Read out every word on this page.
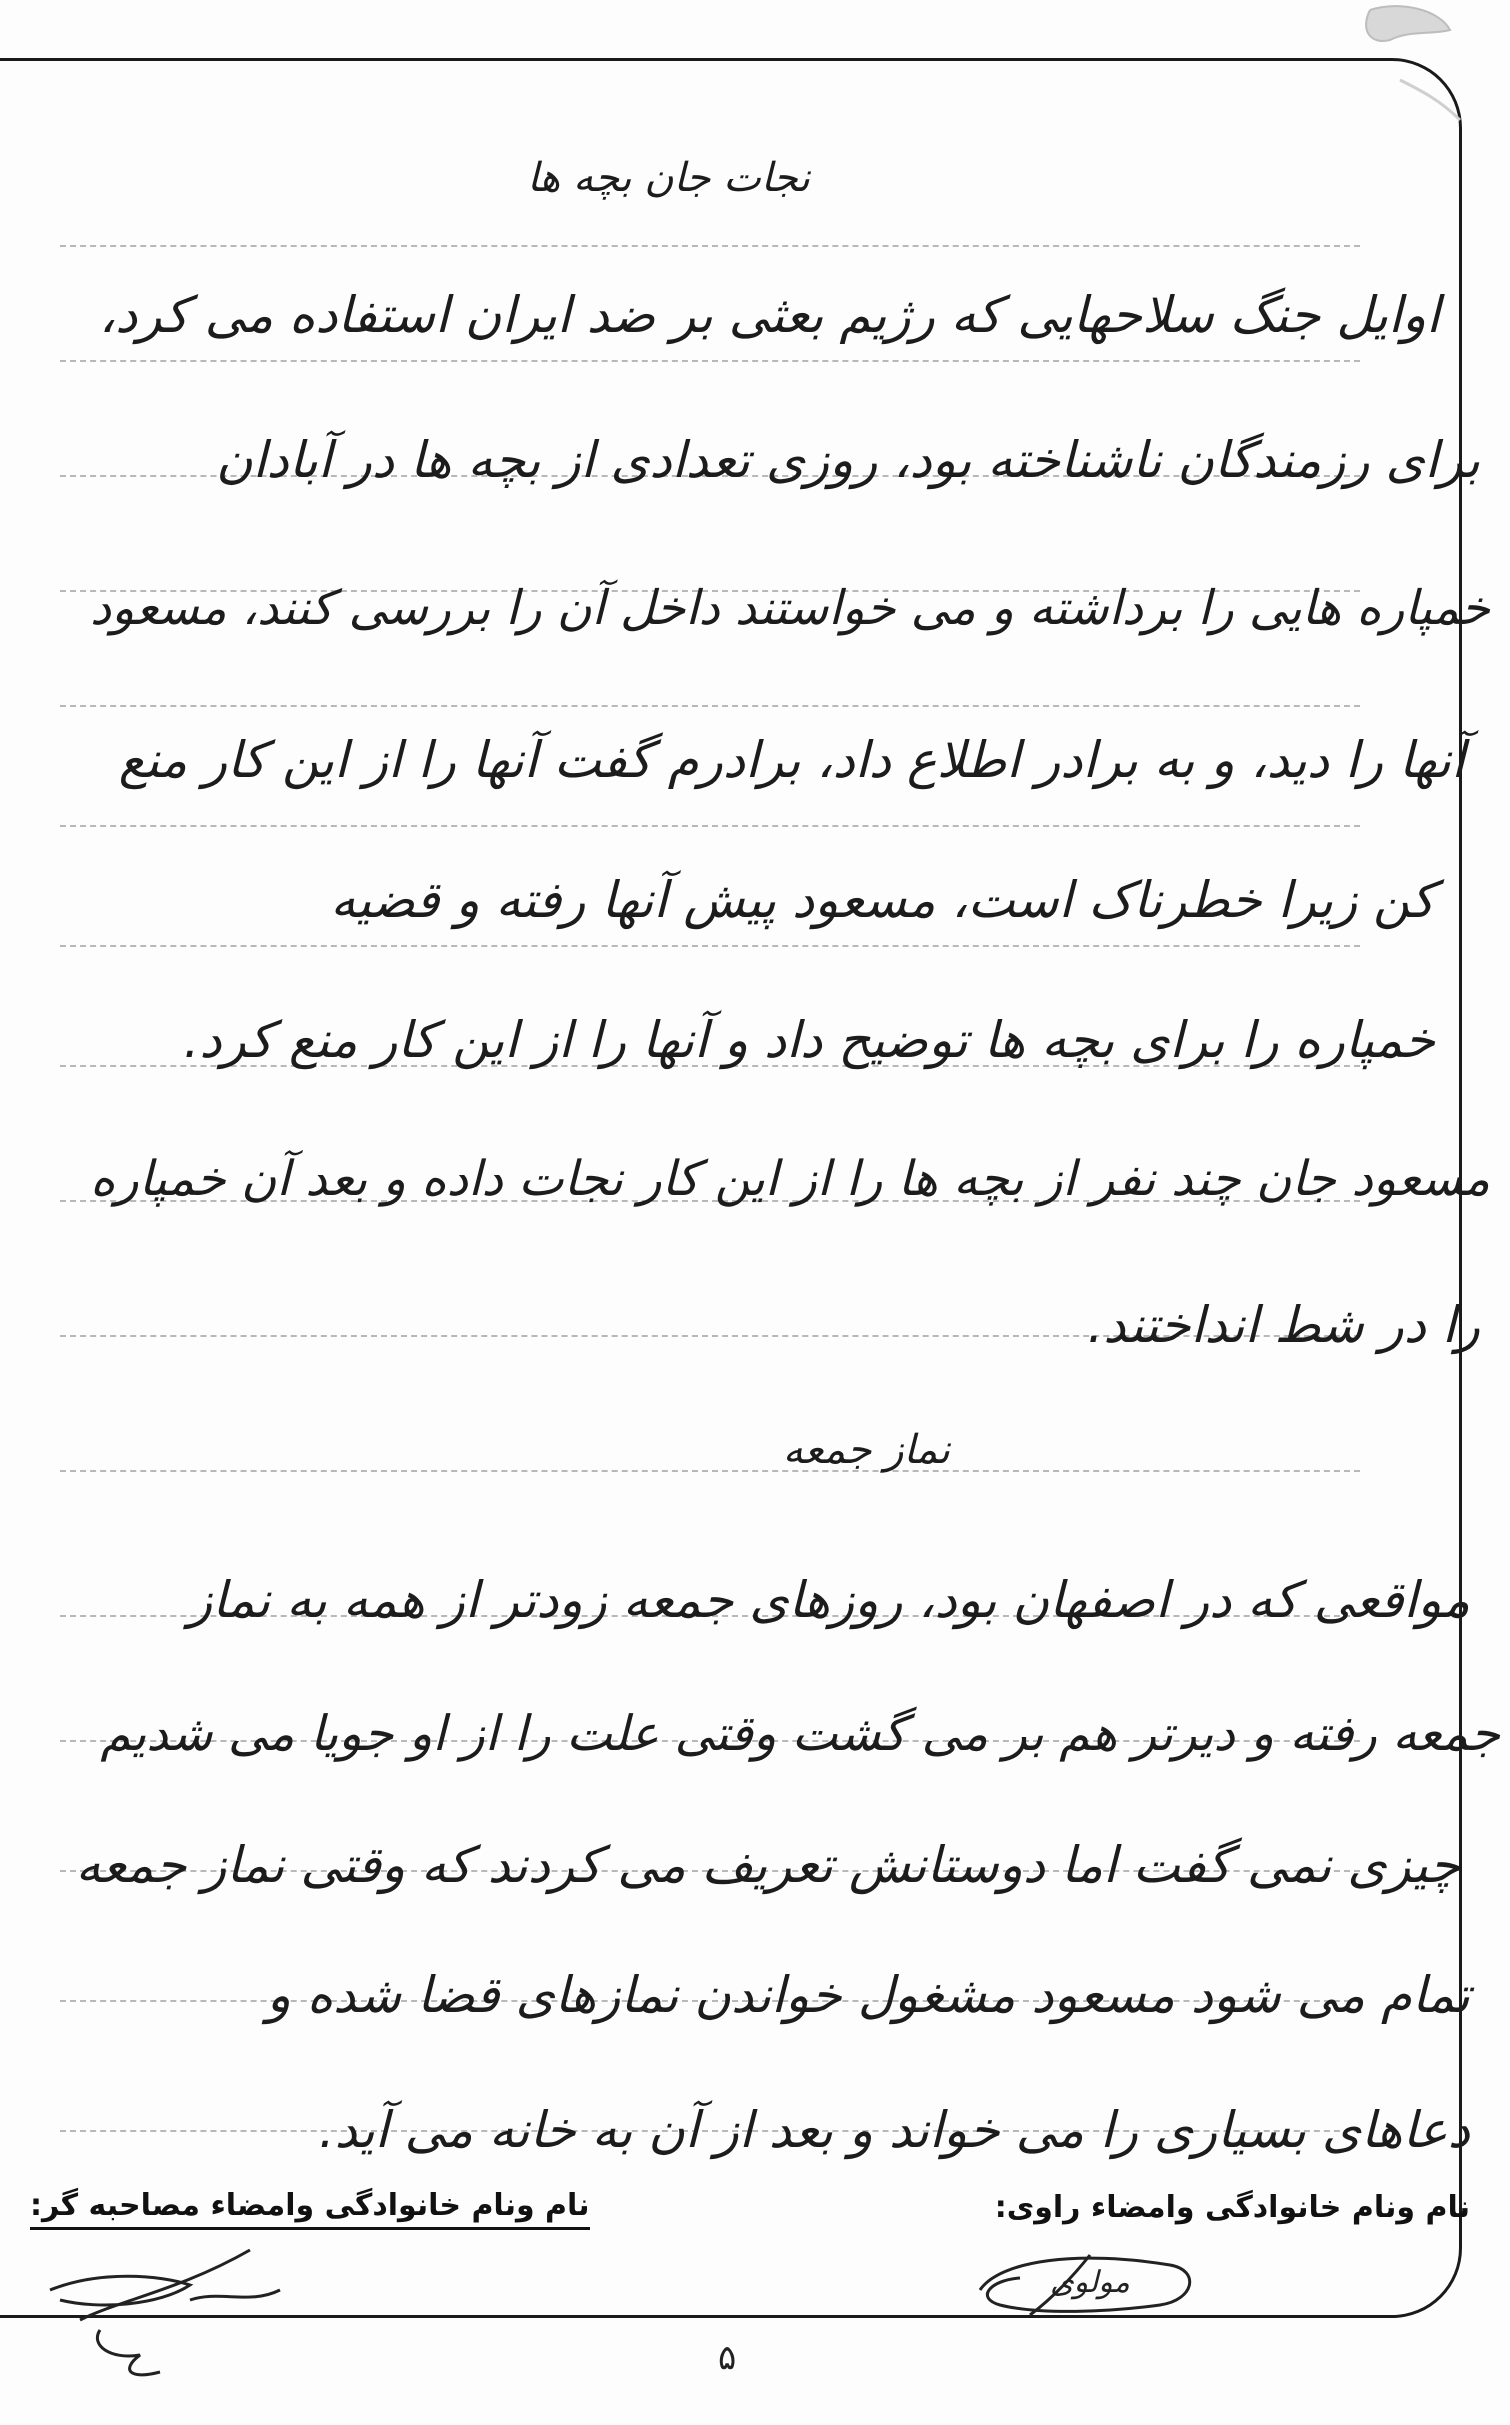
نجات جان بچه ها
اوایل جنگ سلاحهایی که رژیم بعثی بر ضد ایران استفاده می کرد،
برای رزمندگان ناشناخته بود، روزی تعدادی از بچه ها در آبادان
خمپاره هایی را برداشته و می خواستند داخل آن را بررسی کنند، مسعود
آنها را دید، و به برادر اطلاع داد، برادرم گفت آنها را از این کار منع
کن زیرا خطرناک است، مسعود پیش آنها رفته و قضیه
خمپاره را برای بچه ها توضیح داد و آنها را از این کار منع کرد.
مسعود جان چند نفر از بچه ها را از این کار نجات داده و بعد آن خمپاره
را در شط انداختند.
نماز جمعه
مواقعی که در اصفهان بود، روزهای جمعه زودتر از همه به نماز
جمعه رفته و دیرتر هم بر می گشت وقتی علت را از او جویا می شدیم
چیزی نمی گفت اما دوستانش تعریف می کردند که وقتی نماز جمعه
تمام می شود مسعود مشغول خواندن نمازهای قضا شده و
دعاهای بسیاری را می خواند و بعد از آن به خانه می آید.
نام ونام خانوادگی وامضاء راوی:
نام ونام خانوادگی وامضاء مصاحبه گر:
مولوی
۵
